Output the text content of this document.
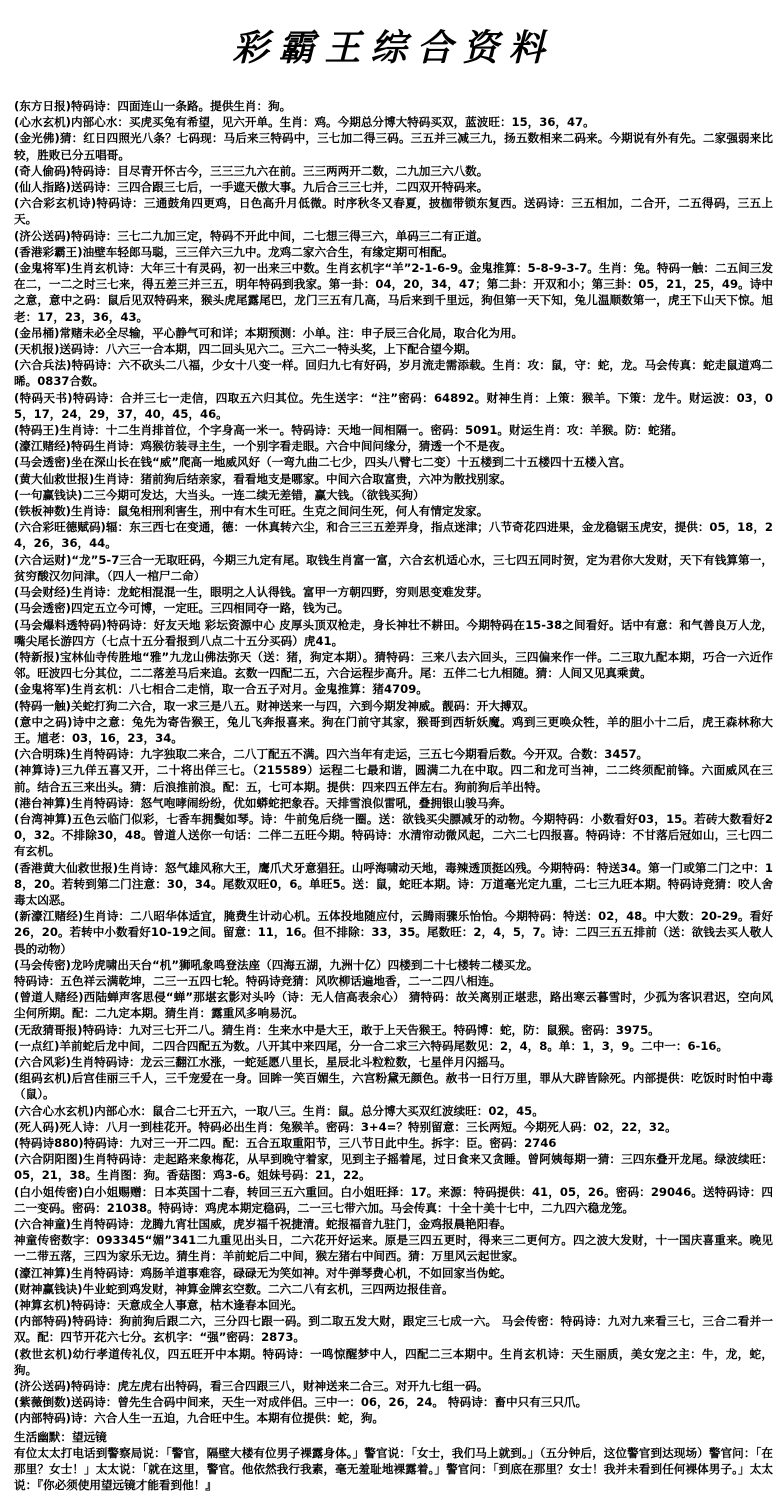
彩霸王综合资料

(东方日报)特码诗：四面连山一条路。提供生肖：狗。

(心水玄机)内部心水：买虎买兔有希望，见六开单。生肖：鸡。今期总分博大特码买双，蓝波旺：15，36，47。

(金光佛)猜：红日四照光八条？七码现：马后来三特码中，三七加二得三码。三五并三减三九，扬五数相来二码来。今期说有外有先。二家强弱来比较，胜败已分五唱哥。

(奇人偷码)特码诗：目尽青开怀古今，三三三九六在前。三三两两开二数，二九加三六八数。

(仙人指路)送码诗：三四合跟三七后，一手遮天傲大事。九后合三三七并，二四双开特码来。

(六合彩玄机诗)特码诗：三通鼓角四更鸡，日色高升月低微。时序秋冬又春夏，披枷带锁东复西。送码诗：三五相加，二合开，二五得码，三五上天。

(济公送码)特码诗：三七二九加三定，特码不开此中间，二七想三得三六，单码三二有正道。

(香港彩霸王)油壁车轻郎马聪，三三佯六三九中。龙鸡二家六合生，有缘定期可相配。

(金鬼将军)生肖玄机诗：大年三十有灵码，初一出来三中数。生肖玄机字“羊”2-1-6-9。金鬼推算：5-8-9-3-7。生肖：兔。特码一触：二五间三发在二，一二之时三七来，得五差三并三五，明年特码到我家。第一卦：04，20，34，47；第二卦：开双和小；第三卦：05，21，25，49。诗中之意，意中之码：鼠后见双特码来，猴头虎尾露尾巴，龙门三五有几高，马后来到千里远，狗但第一天下知，兔儿温顺数第一，虎王下山天下惊。旭老：17，23，36，43。

(金吊桶)常赌未必全尽输，平心静气可和详；本期预测：小单。注：申子辰三合化局，取合化为用。

(天机报)送码诗：八六三一合本期，四二回头见六二。三六二一特头奖，上下配合望今期。

(六合兵法)特码诗：六不砍头二八福，少女十八变一样。回归九七有好码，岁月流走需添载。生肖：攻：鼠，守：蛇，龙。马会传真：蛇走鼠道鸡二晞。0837合数。

(特码天书)特码诗：合并三七一走信，四取五六归其位。先生送字：“注”密码：64892。财神生肖：上策：猴羊。下策：龙牛。财运波：03，05，17，24，29，37，40，45，46。

(特码王)生肖诗：十二生肖排首位，个字身高一米一。特码诗：天地一间相隔一。密码：5091。财运生肖：攻：羊猴。防：蛇猪。

(濠江赌经)特码生肖诗：鸡猴彷装寻主生，一个别字看走眼。六合中间问缘分，猜透一个不是夜。

(马会透密)坐在深山长在钱“威”爬高一地威风好（一弯九曲二七少，四头八臂七二变）十五楼到二十五楼四十五楼入宫。

(黄大仙救世报)生肖诗：猪前狗后结亲家，看看地支是哪家。中间六合取富贵，六冲为散找别家。

(一句赢钱诀)二三今期可发达，大当头。一连二续无差错，赢大钱。（欲钱买狗）

(铁板神数)生肖诗：鼠兔相刑利害生，刑中有木生可旺。生克之间问生死，何人有情定发家。

(六合彩旺德赋码)辐：东三西七在变通，德：一休真转六尘，和合三三五差弄身，指点迷津；八节奇花四进果，金龙稳锯玉虎安，提供：05，18，24，26，36，44。

(六合运财)“龙”5-7三合一无取旺码，今期三九定有尾。取钱生肖富一富，六合玄机适心水，三七四五同时贺，定为君你大发财，天下有钱算第一，贫穷酸汉勿问津。（四人一棺尸二命）

(马会财经)生肖诗：龙蛇相混混一生，眼明之人认得钱。富甲一方朝四野，穷则思变难发芽。

(马会透密)四定五立今可博，一定旺。三四相同夺一路，钱为己。

(马会爆料透特码)特码诗：好友天地 彩坛资源中心 皮厚头顶双枪走，身长神壮不耕田。今期特码在15-38之间看好。话中有意：和气善良万人龙，嘴尖尾长游四方（七点十五分看报到八点二十五分买码）虎41。

(特新报)宝林仙寺传胜地“雅”九龙山佛法弥天（送：猪，狗定本期）。猜特码：三来八去六回头，三四偏来作一伴。二三取九配本期，巧合一六近作邻。旺波四七分其位，二二落差马后来追。玄数一四配二五，六合运程步高升。尾：五伴二七九相随。猜：人间又见真乘黄。

(金鬼将军)生肖玄机：八七相合二走悄，取一合五子对月。金鬼推算：猪4709。

(特码一触)关蛇打狗二六合，取一求三是八五。财神送来一与四，六到今期发神威。靓码：开大搏双。

(意中之码)诗中之意：兔先为寄告猴王，兔儿飞奔报喜来。狗在门前守其家，猴哥到西斩妖魔。鸡到三更唤众牲，羊的胆小十二后，虎王森林称大王。馗老：03，16，23，34。

(六合明珠)生肖特码诗：九字独取二来合，二八丁配五不满。四六当年有走运，三五七今期看后数。今开双。合数：3457。

(神算诗)三九佯五喜又开，二十将出佯三七。（215589）运程二七最和谐，圆满二九在中取。四二和龙可当神，二二终须配前锋。六面威风在三前。结合五三来出头。猜：后浪推前浪。配：五，七可本期。提供：四来四五伴左右。狗前狗后羊出特。

(港台神算)生肖特码诗：怒气咆哮闹纷纷，优如蟒蛇把象吞。天排雪浪似雷吼，叠拥银山骏马奔。

(台湾神算)五色云临门似彩，七香车拥鬓如琴。诗：牛前兔后绕一圈。送：欲钱买尖膘减牙的动物。今期特码：小数看好03，15。若砖大数看好20，32。不排除30，48。曾道人送你一句话：二伴二五旺今期。特码诗：水清帘动微风起，二六二七四报喜。特码诗：不甘落后冠如山，三七四二有玄机。

(香港黄大仙救世报)生肖诗：怒气雄风称大王，鹰爪犬牙意猖狂。山呼海啸动天地，毒辣透顶挺凶残。今期特码：特送34。第一门或第二门之中：18，20。若转到第二门注意：30，34。尾数双旺0，6。单旺5。送：鼠，蛇旺本期。诗：万道毫光定九重，二七三九旺本期。特码诗竞猜：咬人舍毒太凶恶。

(新濠江赌经)生肖诗：二八昭华体适宜，腌费生计动心机。五体投地随应付，云腾雨骤乐怡怡。今期特码：特送：02，48。中大数：20-29。看好26，20。若转中小数看好10-19之间。留意：11，16。但不排除：33，35。尾数旺：2，4，5，7。诗：二四三五五排前（送：欲钱去买人敬人畏的动物）

(马会传密)龙吟虎啸出天台“机”狮吼象鸣登法座（四海五湖，九洲十亿）四楼到二十七楼转二楼买龙。

特码诗：五色祥云满乾坤，二三一五四七轮。特码诗竞猜：风吹柳话遍地香，二一二四八相连。

(曾道人赌经)西陆蝉声客思侵“蝉”那堪玄影对头吟（诗：无人信高表余心） 猜特码：故关离别正堪悲，路出寒云暮雪时，少孤为客识君迟，空向风尘何所期。配：二九定本期。猜生肖：露重风多响易沉。

(无敌猜哥报)特码诗：九对三七开二八。猜生肖：生来水中是大王，敢于上天告猴王。特码博：蛇，防：鼠猴。密码：3975。

(一点红)羊前蛇后龙中间，二四合四配五为数。八开其中来四尾，分一合二求三六特码尾数见：2，4，8。单：1，3，9。二中一：6-16。

(六合风彩)生肖特码诗：龙云三翻江水涨，一蛇延愿八里长，星辰北斗粒粒数，七星伴月闪摇马。

(组码玄机)后宫佳丽三千人，三千宠爱在一身。回眸一笑百媚生，六宫粉黛无颜色。赦书一日行万里，罪从大辟皆除死。内部提供：吃饭时时怕中毒（鼠）。

(六合心水玄机)内部心水：鼠合二七开五六，一取八三。生肖：鼠。总分博大买双红波续旺：02，45。

(死人码)死人诗：八月一到桂花开。特码必出生肖：兔猴羊。密码：3+4=？特别留意：三长两短。今期死人码：02，22，32。

(特码诗880)特码诗：九对三一开二四。配：五合五取重阳节，三八节日此中生。拆字：臣。密码：2746

(六合阴阳图)生肖特码诗：走起路来象梅花，从早到晚守着家，见到主子摇着尾，过日食来又贪睡。曾阿姨每期一猜：三四东叠开龙尾。绿波续旺：05，21，38。生肖图：狗。香菇图：鸡3-6。姐妹号码：21，22。

(白小姐传密)白小姐赐赠：日本英国十二春，转回三五六重回。白小姐旺择：17。来源：特码提供：41，05，26。密码：29046。送特码诗：四二一变码。密码：21038。特码诗：鸡虎本期定稳码，二一三七带六加。马会传真：十全十美十七中，二九四六稳龙笼。

(六合神童)生肖特码诗：龙腾九宵壮国威，虎岁福千祝捷清。蛇报福音九驻门，金鸡报晨艳阳春。

神童传密数字：093345“媚”341二九重见出头日，二六花开好运来。原是三四五更时，得来三二更何方。四之波大发财，十一国庆喜重来。晚见一二带五落，三四为家乐无边。猜生肖：羊前蛇后二中间，猴左猪右中间西。猜：万里风云起世家。

(濠江神算)生肖特码诗：鸡肠羊道事难容，碌碌无为笑如神。对牛弹琴费心机，不如回家当伪蛇。

(财神赢钱诀)牛业蛇到鸡发财，神算金牌玄空数。二六二八有玄机，三四两边报佳音。

(神算玄机)特码诗：天意成全人事意，枯木逢春本回光。

(内部特码)特码诗：狗前狗后跟二六，三分四七跟一码。到二取五发大财，跟定三七成一六。 马会传密：特码诗：九对九来看三七，三合二看并一双。配：四节开花六七分。玄机字：“强”密码：2873。

(救世玄机)幼行孝道传礼仪，四五旺开中本期。特码诗：一鸣惊醒梦中人，四配二三本期中。生肖玄机诗：天生丽质，美女宠之主：牛，龙，蛇，狗。

(济公送码)特码诗：虎左虎右出特码，看三合四跟三八，财神送来二合三。对开九七组一码。

(紫薇倒数)送码诗：曾先生合码中间来，天生一对成伴侣。三中一：06，26，24。 特码诗：畜中只有三只爪。

(内部特码)诗：六合人生一五迫，九合旺中生。本期有位提供：蛇，狗。

生活幽默：望远镜

有位太太打电话到警察局说：「警官，隔壁大楼有位男子裸露身体。」警官说：「女士，我们马上就到。」（五分钟后，这位警官到达现场）警官问：「在那里？女士！」太太说：「就在这里，警官。他依然我行我素，毫无羞耻地裸露着。」警官问：「到底在那里？女士！我并未看到任何裸体男子。」太太说：『你必须使用望远镜才能看到他！』
